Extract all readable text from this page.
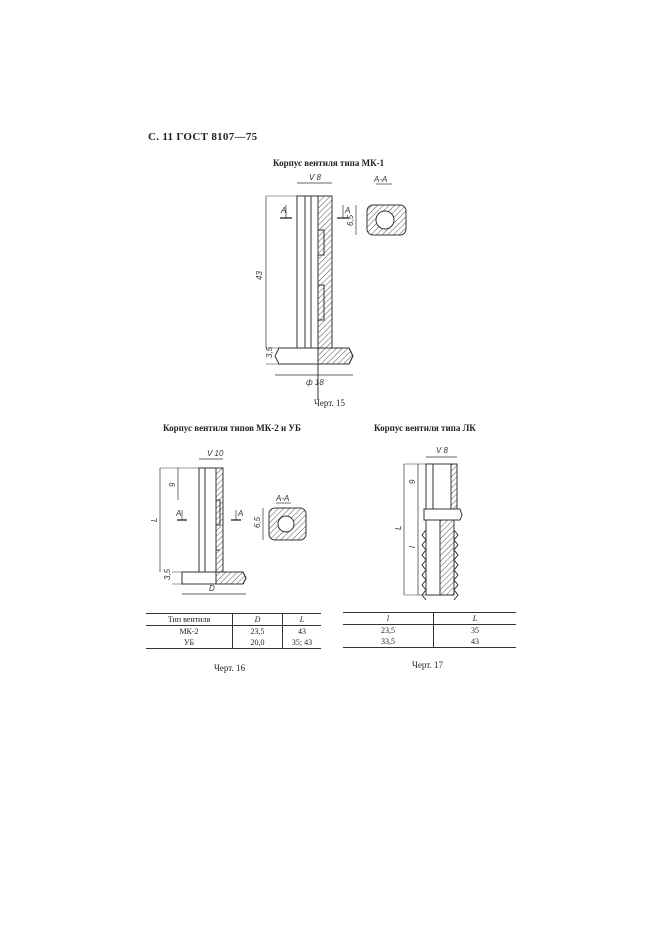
С. 11 ГОСТ 8107—75
Корпус вентиля типа МК-1
V 8	А-А
А	А
43
3,5
ф 18
6,5
V 10
А-А
А	А
L
9
3,5
D
6,5
V 8
9
l
L
Черт. 15
Корпус вентиля типов МК-2 и УБ
Тип вентиля	D	L
МК-2	23,5	43
УБ	20,0	35; 43
Черт. 16
Корпус вентиля типа ЛК
l	L
23,5	35
33,5	43
Черт. 17
